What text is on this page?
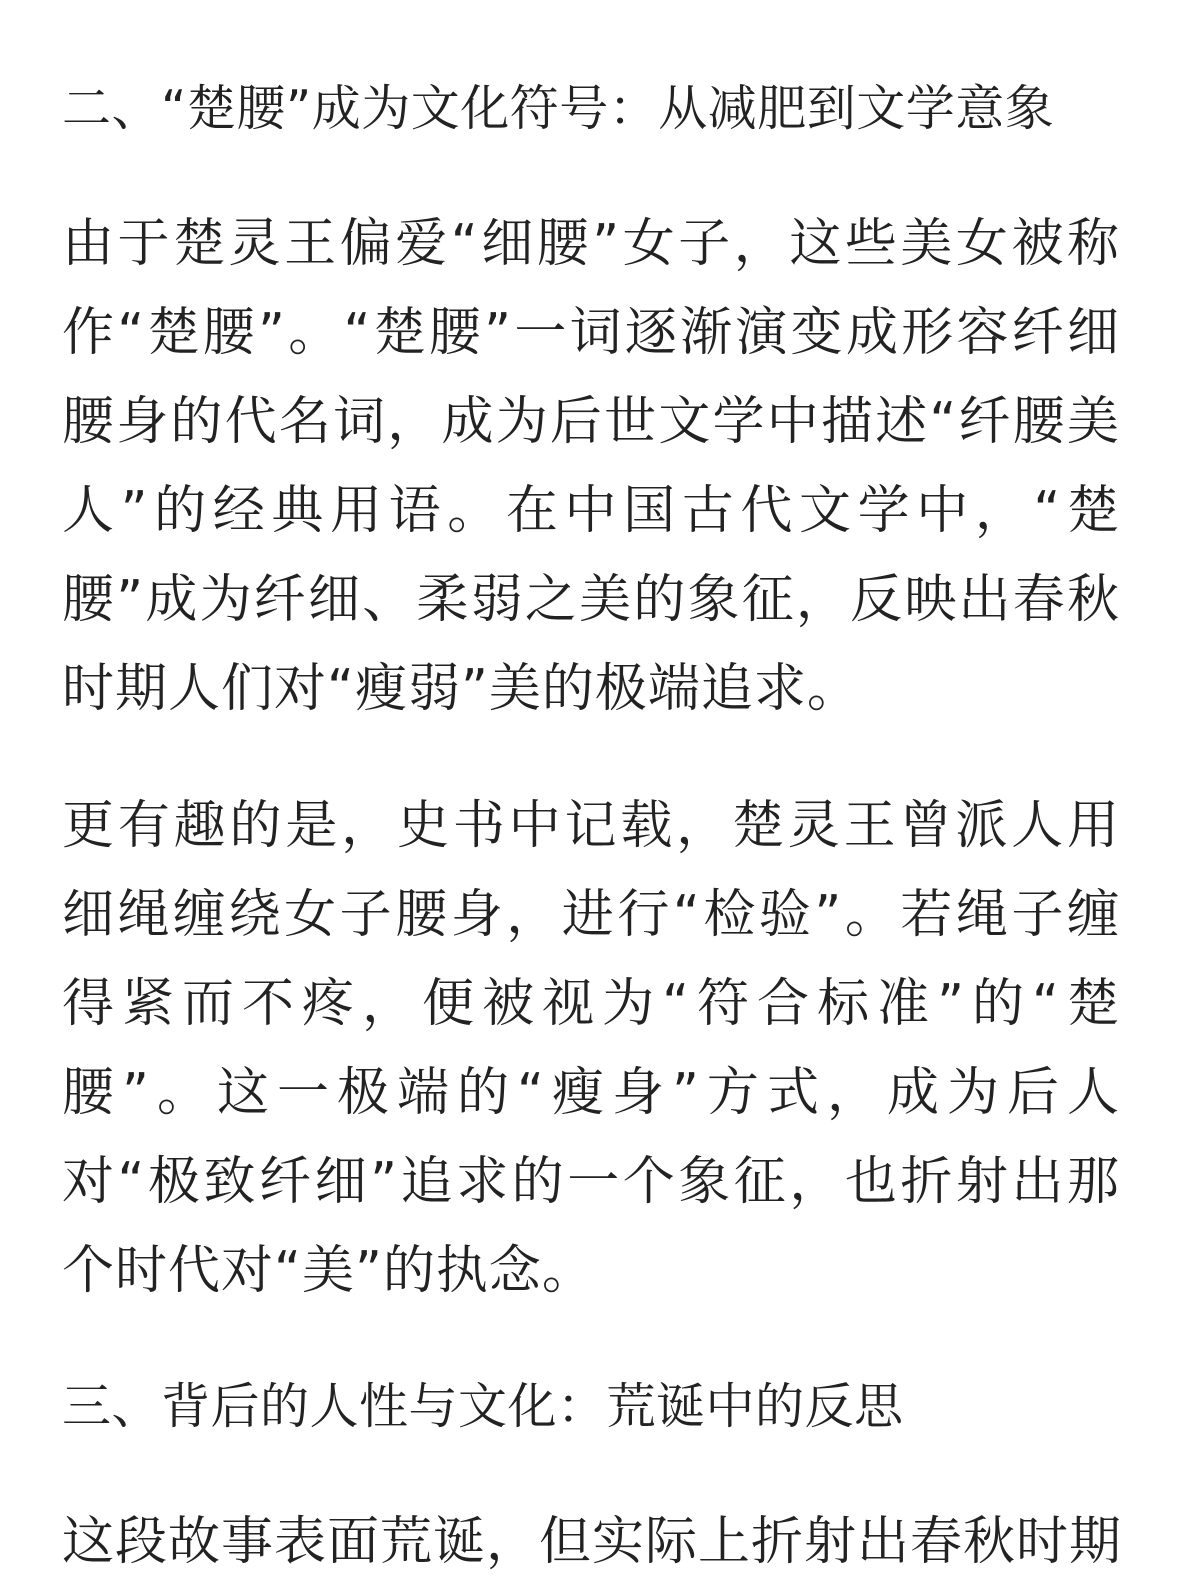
二、“楚腰”成为文化符号：从减肥到文学意象

由于楚灵王偏爱“细腰”女子，这些美女被称作“楚腰”。“楚腰”一词逐渐演变成形容纤细腰身的代名词，成为后世文学中描述“纤腰美人”的经典用语。在中国古代文学中，“楚腰”成为纤细、柔弱之美的象征，反映出春秋时期人们对“瘦弱”美的极端追求。

更有趣的是，史书中记载，楚灵王曾派人用细绳缠绕女子腰身，进行“检验”。若绳子缠得紧而不疼，便被视为“符合标准”的“楚腰”。这一极端的“瘦身”方式，成为后人对“极致纤细”追求的一个象征，也折射出那个时代对“美”的执念。

三、背后的人性与文化：荒诞中的反思

这段故事表面荒诞，但实际上折射出春秋时期
